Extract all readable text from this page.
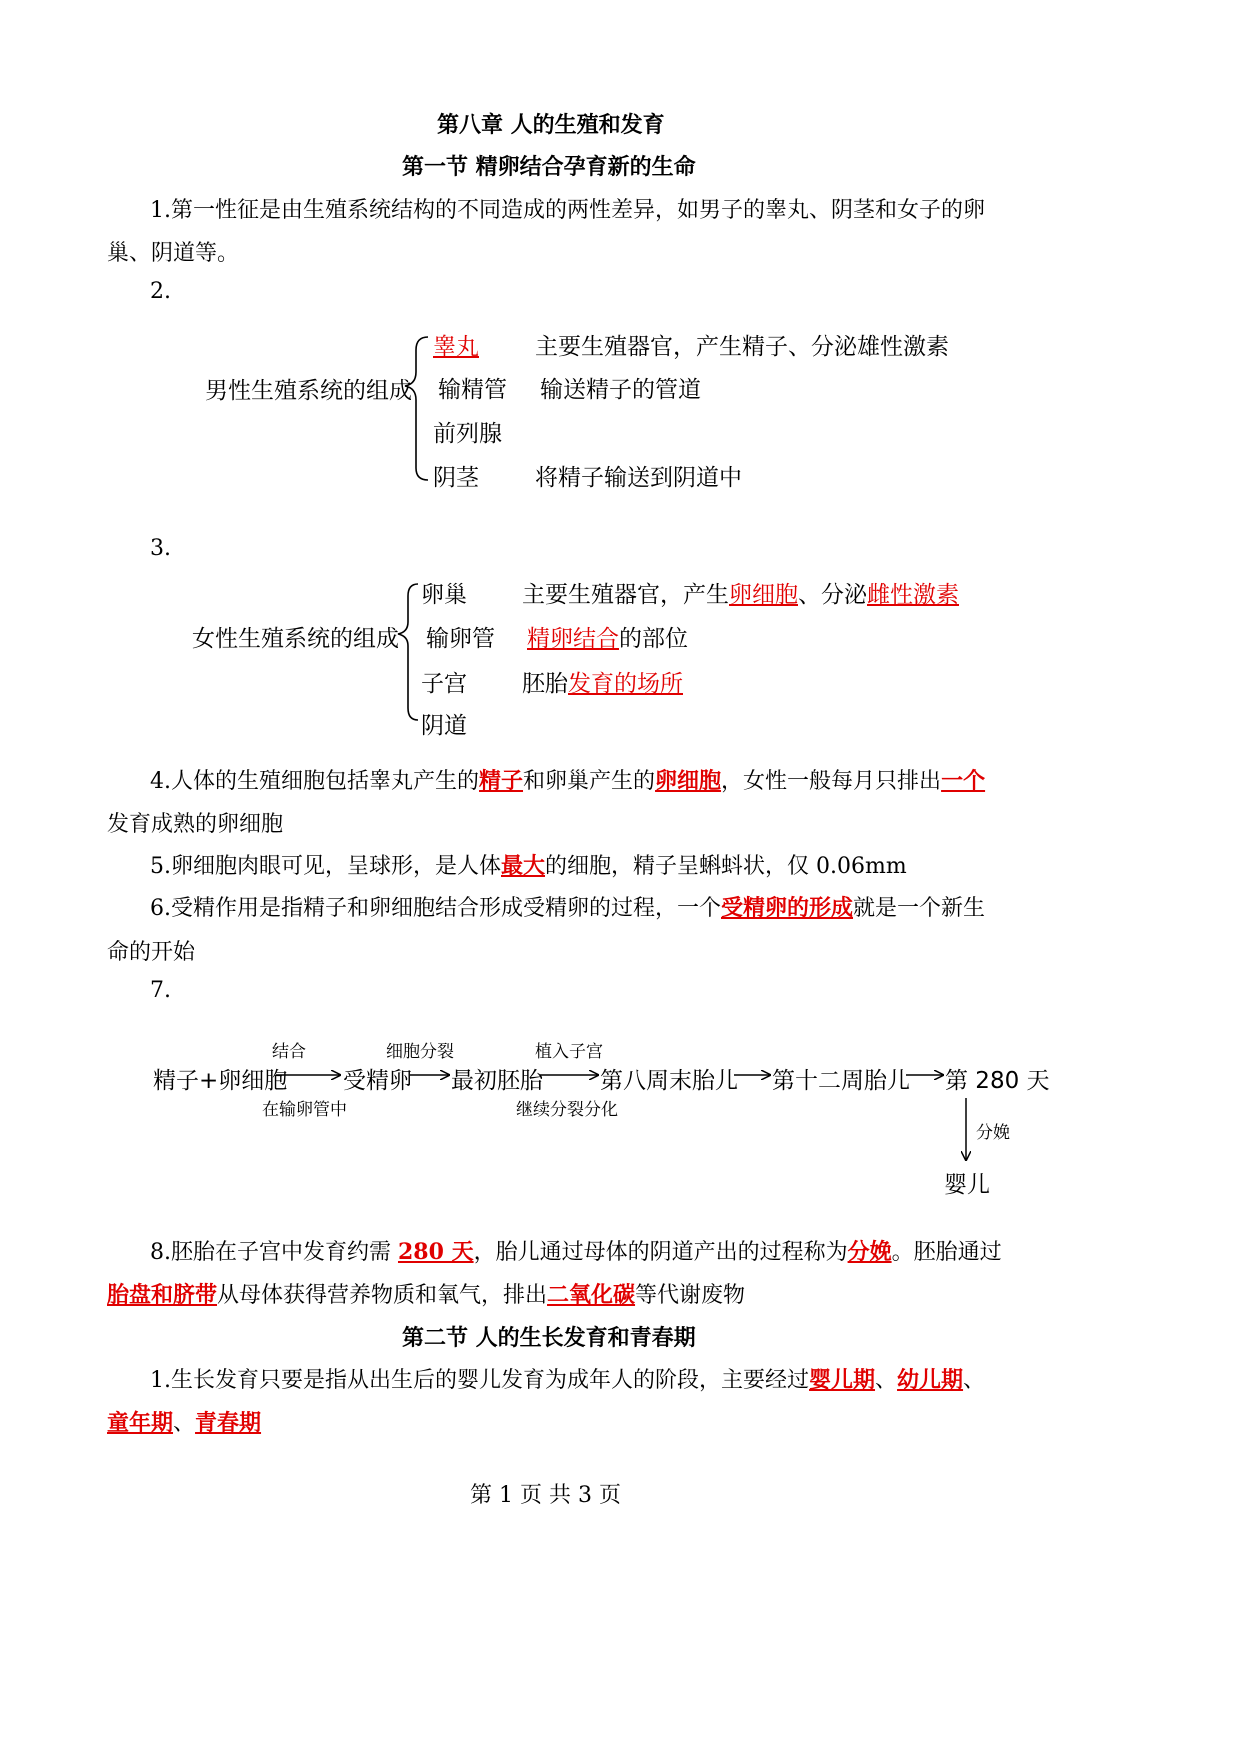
第八章 人的生殖和发育
第一节 精卵结合孕育新的生命
1.第一性征是由生殖系统结构的不同造成的两性差异，如男子的睾丸、阴茎和女子的卵
巢、阴道等。
2.
男性生殖系统的组成
睾丸 主要生殖器官，产生精子、分泌雄性激素
输精管 输送精子的管道
前列腺
阴茎 将精子输送到阴道中
3.
女性生殖系统的组成
卵巢 主要生殖器官，产生卵细胞、分泌雌性激素
输卵管 精卵结合的部位
子宫 胚胎发育的场所
阴道
4.人体的生殖细胞包括睾丸产生的精子和卵巢产生的卵细胞，女性一般每月只排出一个
发育成熟的卵细胞
5.卵细胞肉眼可见，呈球形，是人体最大的细胞，精子呈蝌蚪状，仅 0.06mm
6.受精作用是指精子和卵细胞结合形成受精卵的过程，一个受精卵的形成就是一个新生
命的开始
7.
精子+卵细胞 受精卵 最初胚胎 第八周末胎儿 第十二周胎儿 第 280 天
婴儿
结合	细胞分裂	植入子宫
在输卵管中	继续分裂分化
分娩
8.胚胎在子宫中发育约需 280 天，胎儿通过母体的阴道产出的过程称为分娩。胚胎通过
胎盘和脐带从母体获得营养物质和氧气，排出二氧化碳等代谢废物
第二节 人的生长发育和青春期
1.生长发育只要是指从出生后的婴儿发育为成年人的阶段，主要经过婴儿期、幼儿期、
童年期、青春期
第 1 页 共 3 页
